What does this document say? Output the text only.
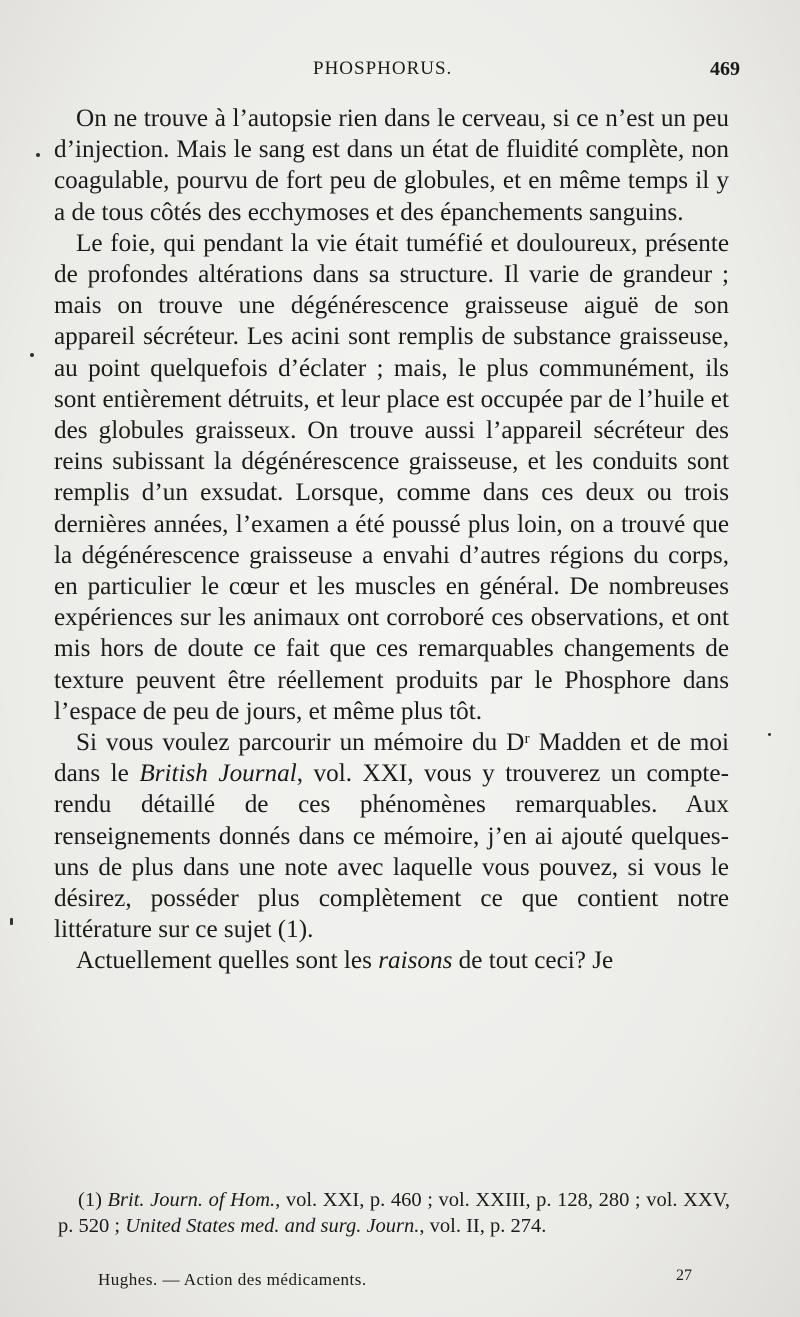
PHOSPHORUS.	469

On ne trouve à l’autopsie rien dans le cerveau, si ce n’est un peu d’injection. Mais le sang est dans un état de fluidité complète, non coagulable, pourvu de fort peu de globules, et en même temps il y a de tous côtés des ecchymoses et des épanchements sanguins.

Le foie, qui pendant la vie était tuméfié et douloureux, présente de profondes altérations dans sa structure. Il varie de grandeur ; mais on trouve une dégénérescence graisseuse aiguë de son appareil sécréteur. Les acini sont remplis de substance graisseuse, au point quelquefois d’éclater ; mais, le plus communément, ils sont entièrement détruits, et leur place est occupée par de l’huile et des globules graisseux. On trouve aussi l’appareil sécréteur des reins subissant la dégénérescence graisseuse, et les conduits sont remplis d’un exsudat. Lorsque, comme dans ces deux ou trois dernières années, l’examen a été poussé plus loin, on a trouvé que la dégénérescence graisseuse a envahi d’autres régions du corps, en particulier le cœur et les muscles en général. De nombreuses expériences sur les animaux ont corroboré ces observations, et ont mis hors de doute ce fait que ces remarquables changements de texture peuvent être réellement produits par le Phosphore dans l’espace de peu de jours, et même plus tôt.

Si vous voulez parcourir un mémoire du Dʳ Madden et de moi dans le British Journal, vol. XXI, vous y trouverez un compte-rendu détaillé de ces phénomènes remarquables. Aux renseignements donnés dans ce mémoire, j’en ai ajouté quelques-uns de plus dans une note avec laquelle vous pouvez, si vous le désirez, posséder plus complètement ce que contient notre littérature sur ce sujet (1).

Actuellement quelles sont les raisons de tout ceci? Je

(1) Brit. Journ. of Hom., vol. XXI, p. 460 ; vol. XXIII, p. 128, 280 ; vol. XXV, p. 520 ; United States med. and surg. Journ., vol. II, p. 274.

Hughes. — Action des médicaments.	27
